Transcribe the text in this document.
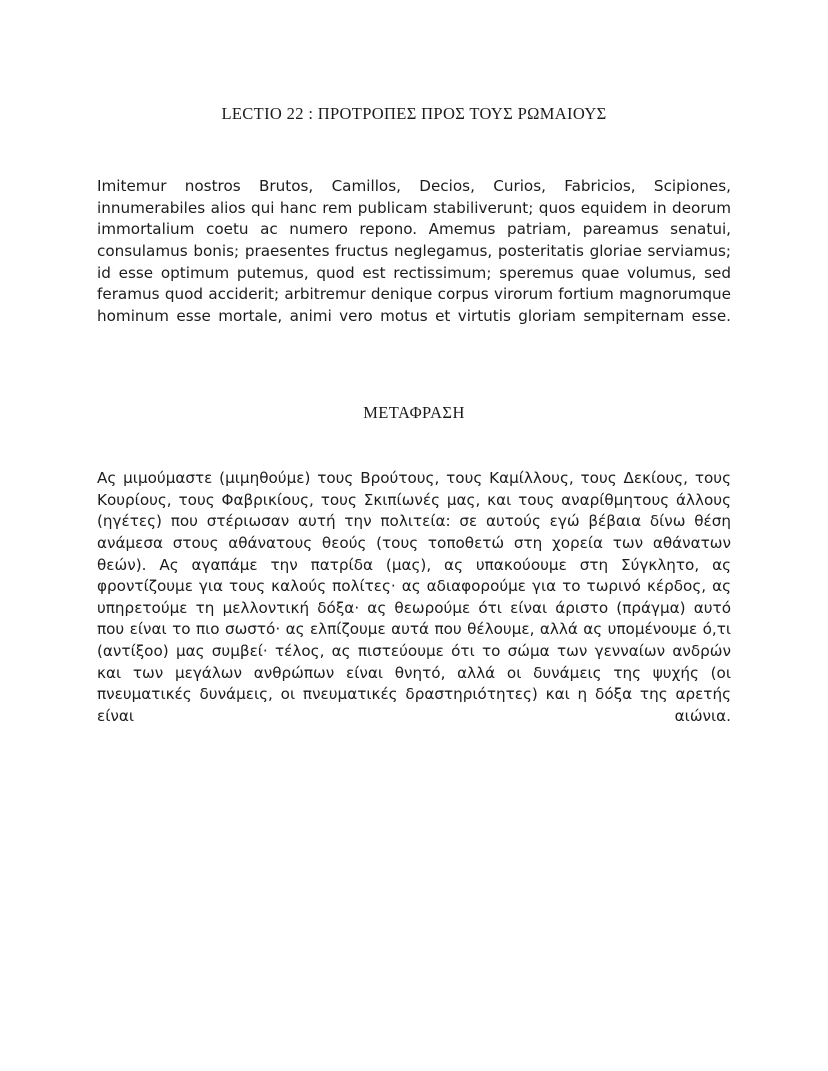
LECTIO 22 : ΠΡΟΤΡΟΠΕΣ ΠΡΟΣ ΤΟΥΣ ΡΩΜΑΙΟΥΣ

Imitemur nostros Brutos, Camillos, Decios, Curios, Fabricios, Scipiones, innumerabiles alios qui hanc rem publicam stabiliverunt; quos equidem in deorum immortalium coetu ac numero repono. Amemus patriam, pareamus senatui, consulamus bonis; praesentes fructus neglegamus, posteritatis gloriae serviamus; id esse optimum putemus, quod est rectissimum; speremus quae volumus, sed feramus quod acciderit; arbitremur denique corpus virorum fortium magnorumque hominum esse mortale, animi vero motus et virtutis gloriam sempiternam esse.

ΜΕΤΑΦΡΑΣΗ

Ας μιμούμαστε (μιμηθούμε) τους Βρούτους, τους Καμίλλους, τους Δεκίους, τους Κουρίους, τους Φαβρικίους, τους Σκιπίωνές μας, και τους αναρίθμητους άλλους (ηγέτες) που στέριωσαν αυτή την πολιτεία: σε αυτούς εγώ βέβαια δίνω θέση ανάμεσα στους αθάνατους θεούς (τους τοποθετώ στη χορεία των αθάνατων θεών). Ας αγαπάμε την πατρίδα (μας), ας υπακούουμε στη Σύγκλητο, ας φροντίζουμε για τους καλούς πολίτες· ας αδιαφορούμε για το τωρινό κέρδος, ας υπηρετούμε τη μελλοντική δόξα· ας θεωρούμε ότι είναι άριστο (πράγμα) αυτό που είναι το πιο σωστό· ας ελπίζουμε αυτά που θέλουμε, αλλά ας υπομένουμε ό,τι (αντίξοο) μας συμβεί· τέλος, ας πιστεύουμε ότι το σώμα των γενναίων ανδρών και των μεγάλων ανθρώπων είναι θνητό, αλλά οι δυνάμεις της ψυχής (οι πνευματικές δυνάμεις, οι πνευματικές δραστηριότητες) και η δόξα της αρετής είναι αιώνια.
